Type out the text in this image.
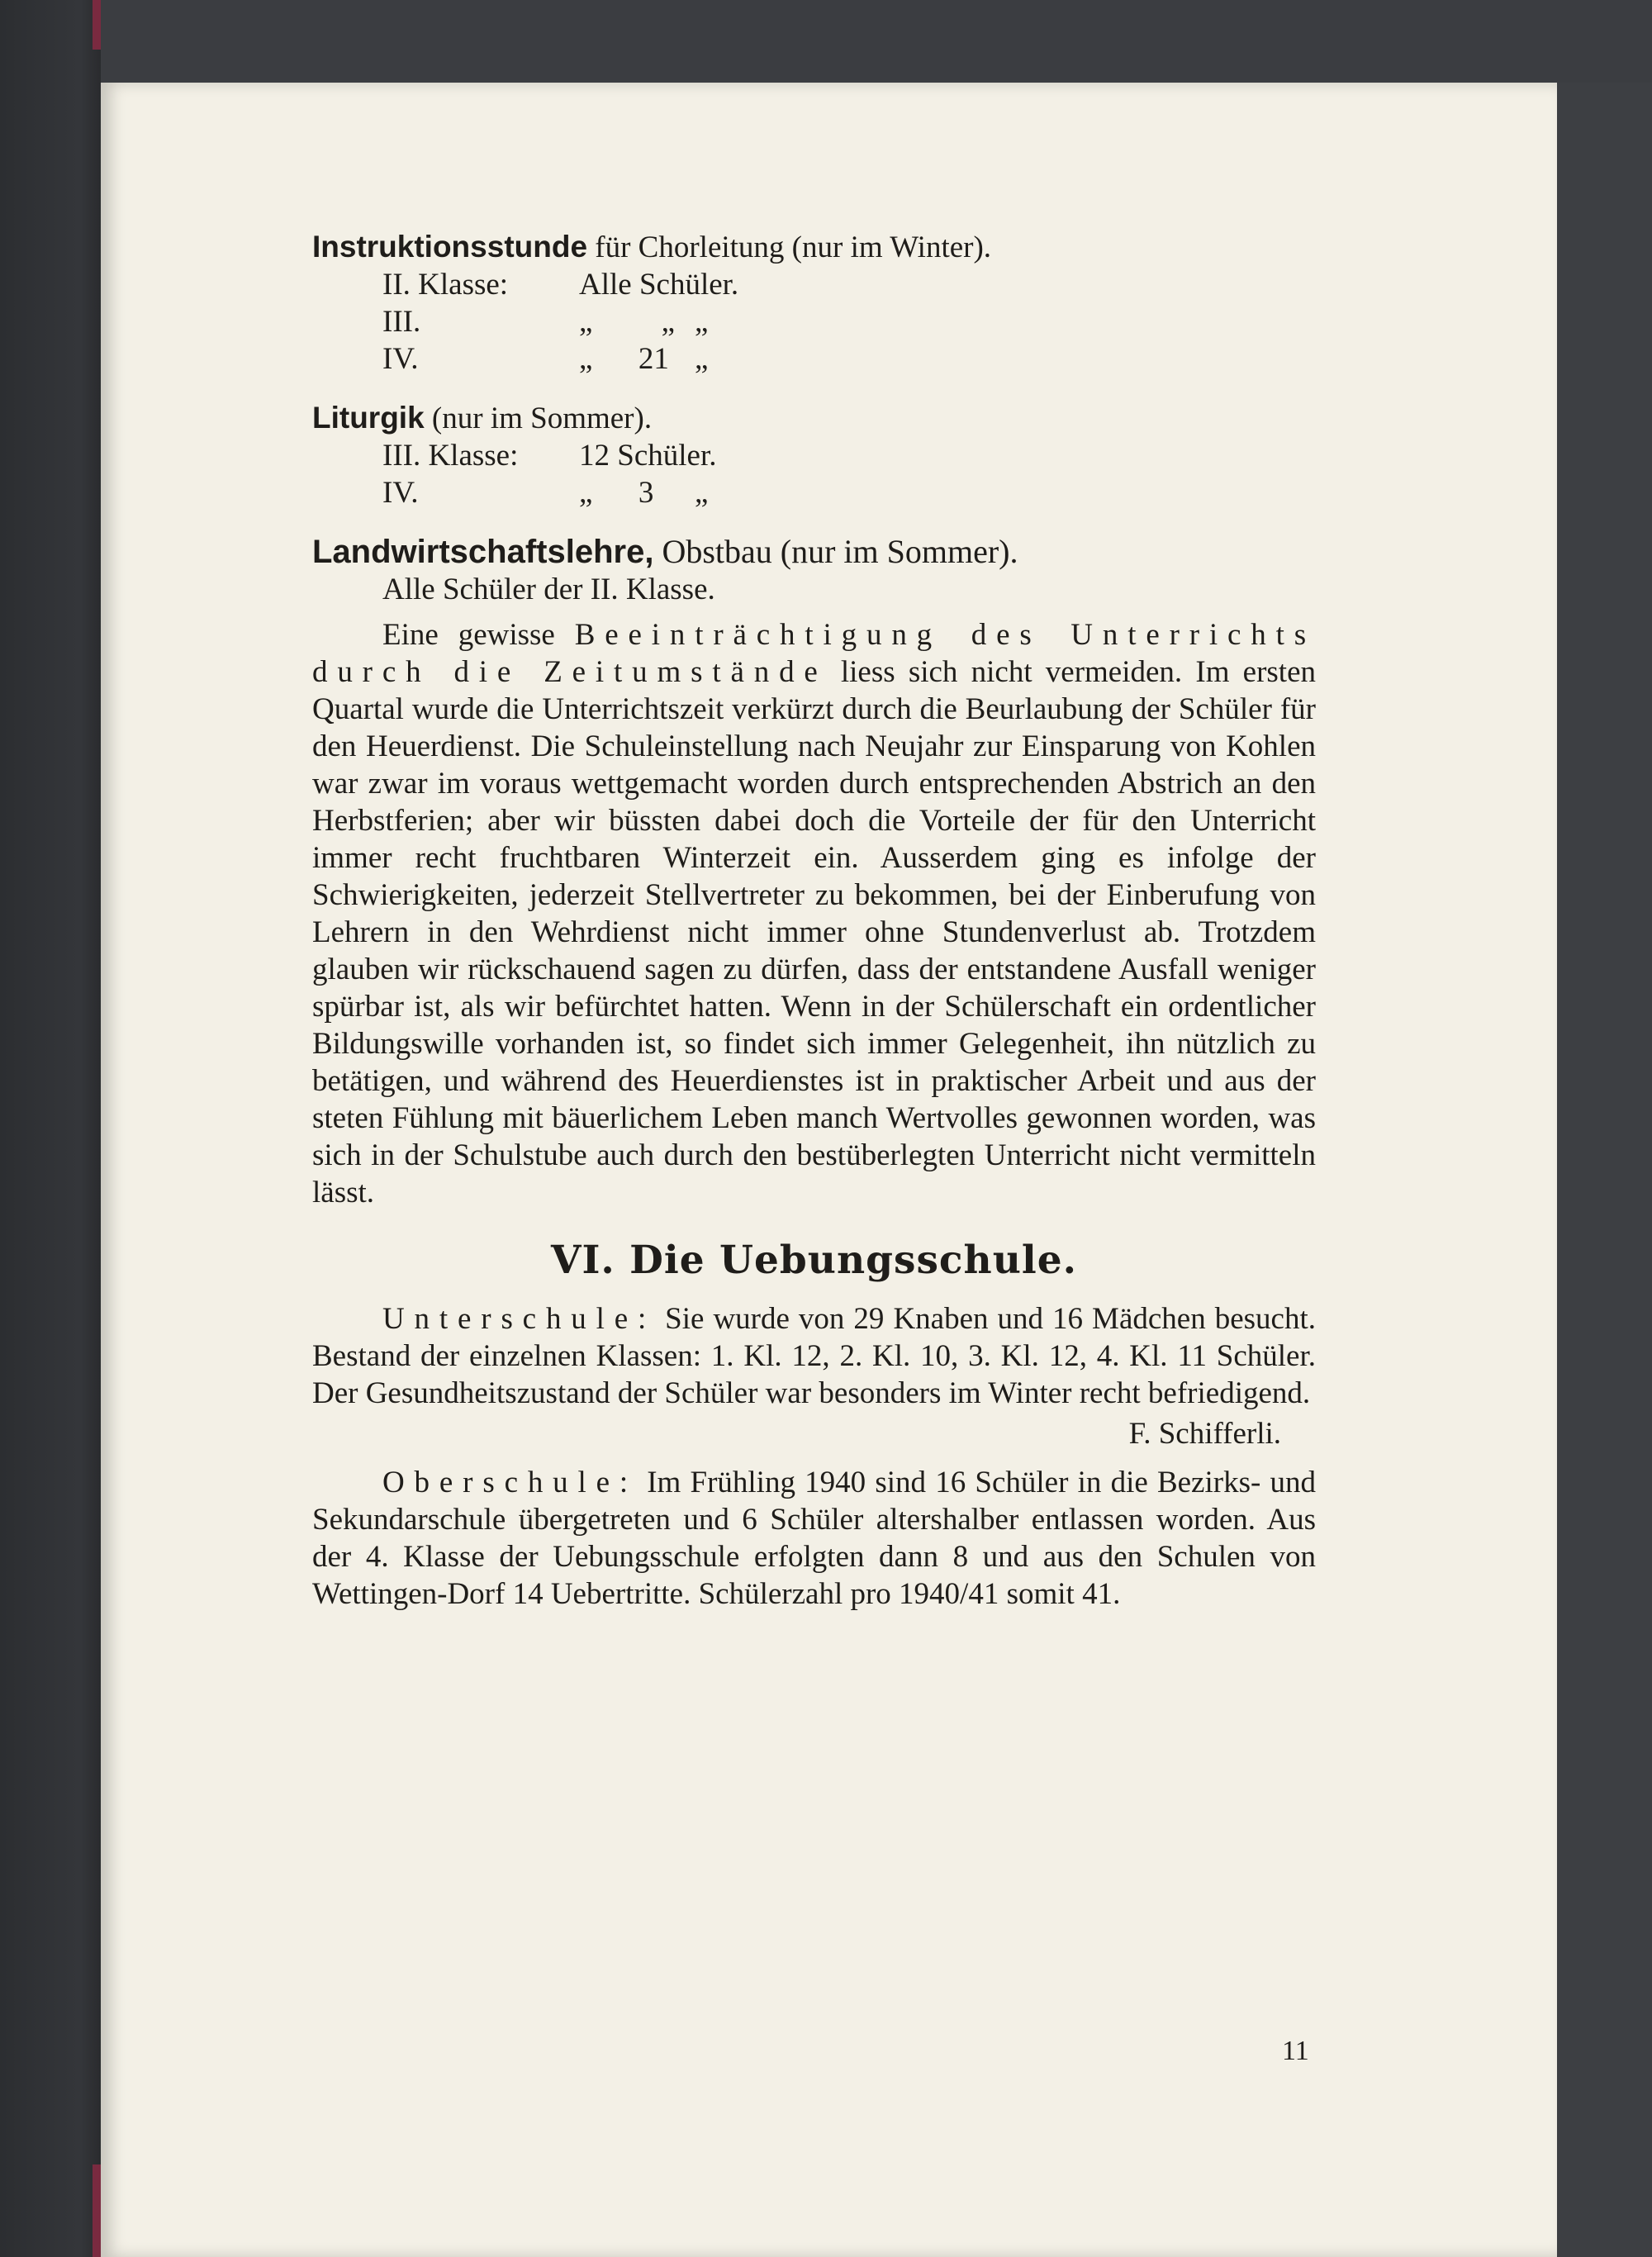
Instruktionsstunde für Chorleitung (nur im Winter).
II. Klasse:	Alle Schüler.
III.	„         „ „
IV.	„      21 „
Liturgik (nur im Sommer).
III. Klasse:	12 Schüler.
IV.	„      3	„
Landwirtschaftslehre, Obstbau (nur im Sommer).
Alle Schüler der II. Klasse.

Eine gewisse Beeinträchtigung des Unterrichts durch die Zeitumstände liess sich nicht vermeiden. Im ersten Quartal wurde die Unterrichtszeit verkürzt durch die Beurlaubung der Schüler für den Heuerdienst. Die Schuleinstellung nach Neujahr zur Einsparung von Kohlen war zwar im voraus wettgemacht worden durch entsprechenden Abstrich an den Herbstferien; aber wir büssten dabei doch die Vorteile der für den Unterricht immer recht fruchtbaren Winterzeit ein. Ausserdem ging es infolge der Schwierigkeiten, jederzeit Stellvertreter zu bekommen, bei der Einberufung von Lehrern in den Wehrdienst nicht immer ohne Stundenverlust ab. Trotzdem glauben wir rückschauend sagen zu dürfen, dass der entstandene Ausfall weniger spürbar ist, als wir befürchtet hatten. Wenn in der Schülerschaft ein ordentlicher Bildungswille vorhanden ist, so findet sich immer Gelegenheit, ihn nützlich zu betätigen, und während des Heuerdienstes ist in praktischer Arbeit und aus der steten Fühlung mit bäuerlichem Leben manch Wertvolles gewonnen worden, was sich in der Schulstube auch durch den bestüberlegten Unterricht nicht vermitteln lässt.

VI. Die Uebungsschule.

Unterschule: Sie wurde von 29 Knaben und 16 Mädchen besucht. Bestand der einzelnen Klassen: 1. Kl. 12, 2. Kl. 10, 3. Kl. 12, 4. Kl. 11 Schüler. Der Gesundheitszustand der Schüler war besonders im Winter recht befriedigend.

F. Schifferli.

Oberschule: Im Frühling 1940 sind 16 Schüler in die Bezirks- und Sekundarschule übergetreten und 6 Schüler altershalber entlassen worden. Aus der 4. Klasse der Uebungsschule erfolgten dann 8 und aus den Schulen von Wettingen-Dorf 14 Uebertritte. Schülerzahl pro 1940/41 somit 41.

11
